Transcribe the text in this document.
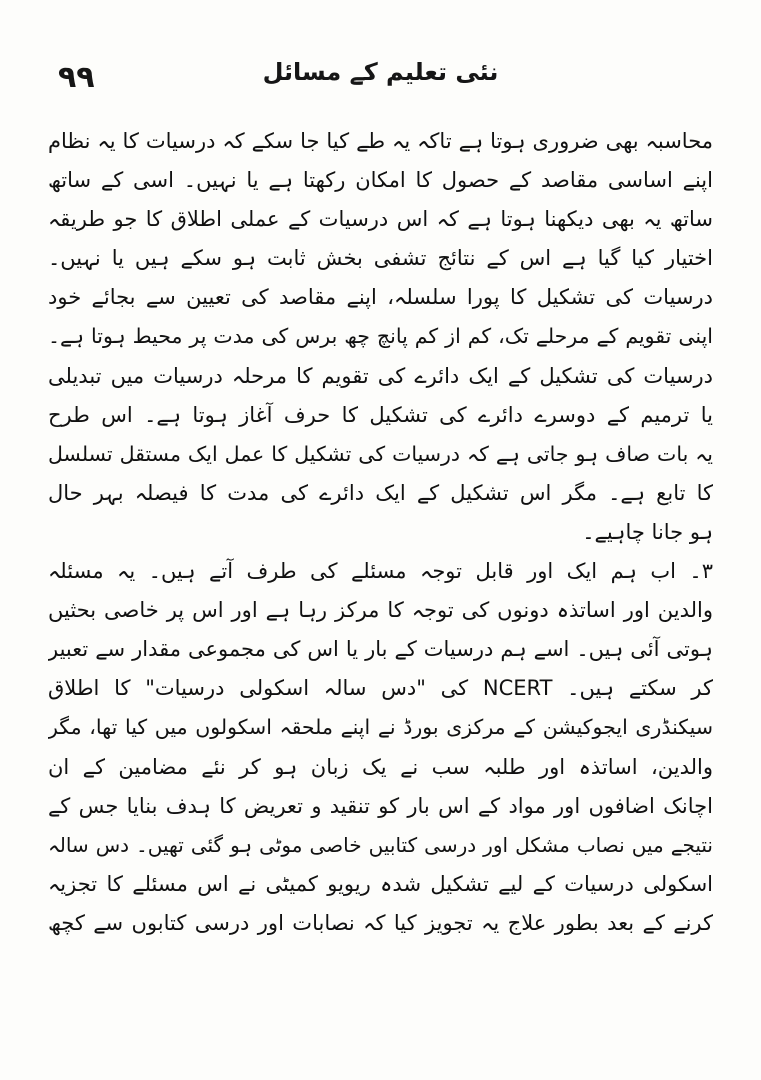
۹۹	نئی تعلیم کے مسائل
محاسبہ بھی ضروری ہوتا ہے تاکہ یہ طے کیا جا سکے کہ درسیات کا یہ نظام
اپنے اساسی مقاصد کے حصول کا امکان رکھتا ہے یا نہیں۔ اسی کے ساتھ
ساتھ یہ بھی دیکھنا ہوتا ہے کہ اس درسیات کے عملی اطلاق کا جو طریقہ
اختیار کیا گیا ہے اس کے نتائج تشفی بخش ثابت ہو سکے ہیں یا نہیں۔
درسیات کی تشکیل کا پورا سلسلہ، اپنے مقاصد کی تعیین سے بجائے خود
اپنی تقویم کے مرحلے تک، کم از کم پانچ چھ برس کی مدت پر محیط ہوتا ہے۔
درسیات کی تشکیل کے ایک دائرے کی تقویم کا مرحلہ درسیات میں تبدیلی
یا ترمیم کے دوسرے دائرے کی تشکیل کا حرف آغاز ہوتا ہے۔ اس طرح
یہ بات صاف ہو جاتی ہے کہ درسیات کی تشکیل کا عمل ایک مستقل تسلسل
کا تابع ہے۔ مگر اس تشکیل کے ایک دائرے کی مدت کا فیصلہ بہر حال
ہو جانا چاہیے۔
۳۔ اب ہم ایک اور قابل توجہ مسئلے کی طرف آتے ہیں۔ یہ مسئلہ
والدین اور اساتذہ دونوں کی توجہ کا مرکز رہا ہے اور اس پر خاصی بحثیں
ہوتی آئی ہیں۔ اسے ہم درسیات کے بار یا اس کی مجموعی مقدار سے تعبیر
کر سکتے ہیں۔ NCERT کی "دس سالہ اسکولی درسیات" کا اطلاق
سیکنڈری ایجوکیشن کے مرکزی بورڈ نے اپنے ملحقہ اسکولوں میں کیا تھا، مگر
والدین، اساتذہ اور طلبہ سب نے یک زبان ہو کر نئے مضامین کے ان
اچانک اضافوں اور مواد کے اس بار کو تنقید و تعریض کا ہدف بنایا جس کے
نتیجے میں نصاب مشکل اور درسی کتابیں خاصی موٹی ہو گئی تھیں۔ دس سالہ
اسکولی درسیات کے لیے تشکیل شدہ ریویو کمیٹی نے اس مسئلے کا تجزیہ
کرنے کے بعد بطور علاج یہ تجویز کیا کہ نصابات اور درسی کتابوں سے کچھ
